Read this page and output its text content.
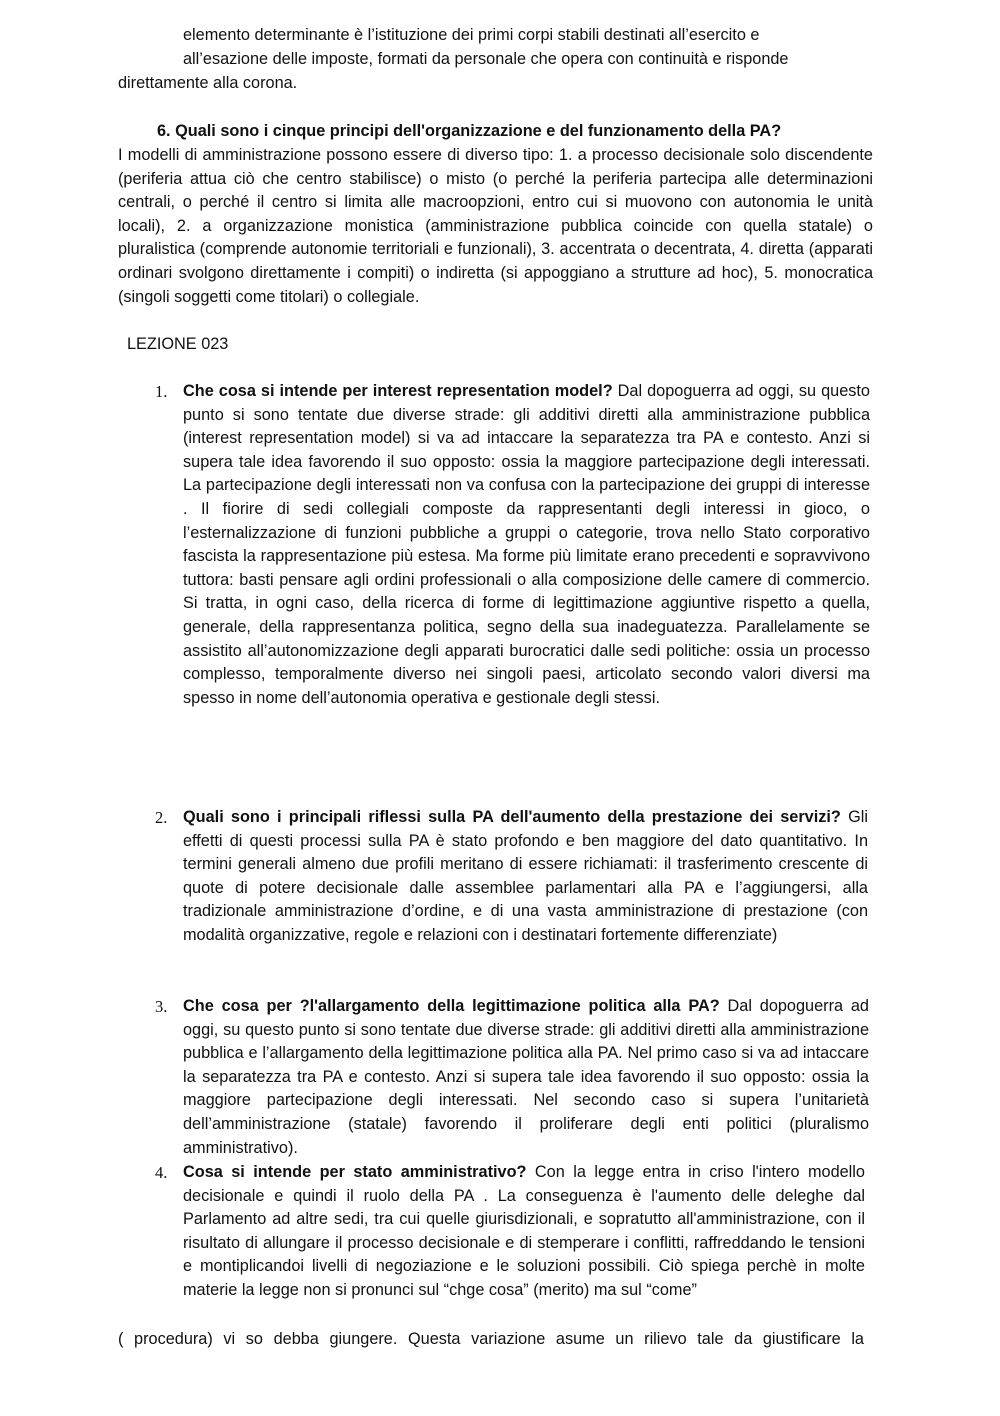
elemento determinante è l’istituzione dei primi corpi stabili destinati all’esercito e
all’esazione delle imposte, formati da personale che opera con continuità e risponde
direttamente alla corona.
6. Quali sono i cinque principi dell'organizzazione e del funzionamento della PA?

I modelli di amministrazione possono essere di diverso tipo: 1. a processo decisionale solo discendente (periferia attua ciò che centro stabilisce) o misto (o perché la periferia partecipa alle determinazioni centrali, o perché il centro si limita alle macroopzioni, entro cui si muovono con autonomia le unità locali), 2. a organizzazione monistica (amministrazione pubblica coincide con quella statale) o pluralistica (comprende autonomie territoriali e funzionali), 3. accentrata o decentrata, 4. diretta (apparati ordinari svolgono direttamente i compiti) o indiretta (si appoggiano a strutture ad hoc), 5. monocratica (singoli soggetti come titolari) o collegiale.

LEZIONE 023
1. Che cosa si intende per interest representation model? Dal dopoguerra ad oggi, su questo punto si sono tentate due diverse strade: gli additivi diretti alla amministrazione pubblica (interest representation model) si va ad intaccare la separatezza tra PA e contesto. Anzi si supera tale idea favorendo il suo opposto: ossia la maggiore partecipazione degli interessati. La partecipazione degli interessati non va confusa con la partecipazione dei gruppi di interesse . Il fiorire di sedi collegiali composte da rappresentanti degli interessi in gioco, o l’esternalizzazione di funzioni pubbliche a gruppi o categorie, trova nello Stato corporativo fascista la rappresentazione più estesa. Ma forme più limitate erano precedenti e sopravvivono tuttora: basti pensare agli ordini professionali o alla composizione delle camere di commercio. Si tratta, in ogni caso, della ricerca di forme di legittimazione aggiuntive rispetto a quella, generale, della rappresentanza politica, segno della sua inadeguatezza. Parallelamente se assistito all’autonomizzazione degli apparati burocratici dalle sedi politiche: ossia un processo complesso, temporalmente diverso nei singoli paesi, articolato secondo valori diversi ma spesso in nome dell’autonomia operativa e gestionale degli stessi.

2. Quali sono i principali riflessi sulla PA dell'aumento della prestazione dei servizi? Gli effetti di questi processi sulla PA è stato profondo e ben maggiore del dato quantitativo. In termini generali almeno due profili meritano di essere richiamati: il trasferimento crescente di quote di potere decisionale dalle assemblee parlamentari alla PA e l’aggiungersi, alla tradizionale amministrazione d’ordine, e di una vasta amministrazione di prestazione (con modalità organizzative, regole e relazioni con i destinatari fortemente differenziate)

3. Che cosa per ?l'allargamento della legittimazione politica alla PA? Dal dopoguerra ad oggi, su questo punto si sono tentate due diverse strade: gli additivi diretti alla amministrazione pubblica e l’allargamento della legittimazione politica alla PA. Nel primo caso si va ad intaccare la separatezza tra PA e contesto. Anzi si supera tale idea favorendo il suo opposto: ossia la maggiore partecipazione degli interessati. Nel secondo caso si supera l’unitarietà dell’amministrazione (statale) favorendo il proliferare degli enti politici (pluralismo amministrativo).

4. Cosa si intende per stato amministrativo? Con la legge entra in criso l'intero modello decisionale e quindi il ruolo della PA . La conseguenza è l'aumento delle deleghe dal Parlamento ad altre sedi, tra cui quelle giurisdizionali, e sopratutto all'amministrazione, con il risultato di allungare il processo decisionale e di stemperare i conflitti, raffreddando le tensioni e montiplicandoi livelli di negoziazione e le soluzioni possibili. Ciò spiega perchè in molte materie la legge non si pronunci sul “chge cosa” (merito) ma sul “come”

( procedura) vi so debba giungere. Questa variazione asume un rilievo tale da giustificare la
